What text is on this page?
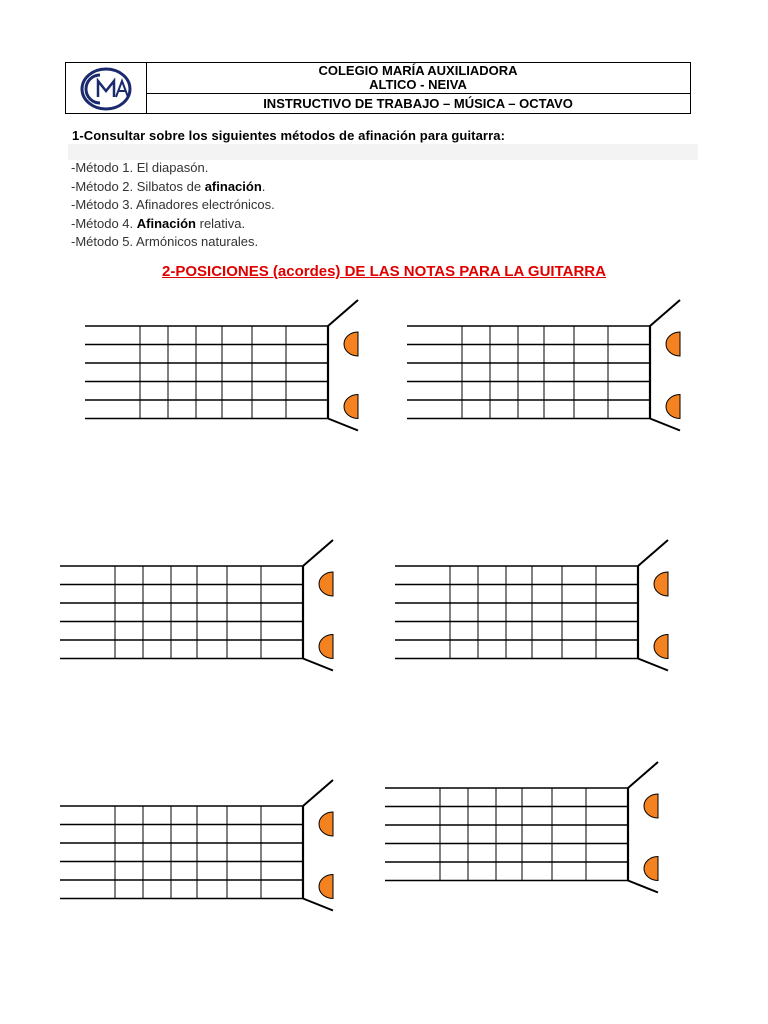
COLEGIO MARÍA AUXILIADORA
ALTICO - NEIVA
INSTRUCTIVO DE TRABAJO – MÚSICA – OCTAVO
1-Consultar sobre los siguientes métodos de afinación para guitarra:
-Método 1. El diapasón.
-Método 2. Silbatos de afinación.
-Método 3. Afinadores electrónicos.
-Método 4. Afinación relativa.
-Método 5. Armónicos naturales.
2-POSICIONES (acordes) DE LAS NOTAS PARA LA GUITARRA
